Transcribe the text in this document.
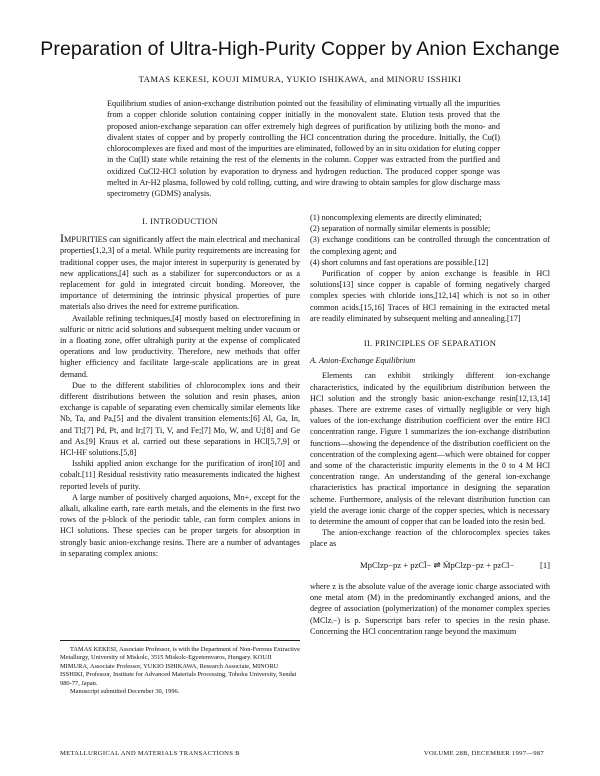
Preparation of Ultra-High-Purity Copper by Anion Exchange
TAMAS KEKESI, KOUJI MIMURA, YUKIO ISHIKAWA, and MINORU ISSHIKI
Equilibrium studies of anion-exchange distribution pointed out the feasibility of eliminating virtually all the impurities from a copper chloride solution containing copper initially in the monovalent state. Elution tests proved that the proposed anion-exchange separation can offer extremely high degrees of purification by utilizing both the mono- and divalent states of copper and by properly controlling the HCl concentration during the procedure. Initially, the Cu(I) chlorocomplexes are fixed and most of the impurities are eliminated, followed by an in situ oxidation for eluting copper in the Cu(II) state while retaining the rest of the elements in the column. Copper was extracted from the purified and oxidized CuCl2-HCl solution by evaporation to dryness and hydrogen reduction. The produced copper sponge was melted in Ar-H2 plasma, followed by cold rolling, cutting, and wire drawing to obtain samples for glow discharge mass spectrometry (GDMS) analysis.
I. INTRODUCTION

IMPURITIES can significantly affect the main electrical and mechanical properties[1,2,3] of a metal. While purity requirements are increasing for traditional copper uses, the major interest in superpurity is generated by new applications,[4] such as a stabilizer for superconductors or as a replacement for gold in integrated circuit bonding. Moreover, the importance of determining the intrinsic physical properties of pure materials also drives the need for extreme purification.

Available refining techniques,[4] mostly based on electrorefining in sulfuric or nitric acid solutions and subsequent melting under vacuum or in a floating zone, offer ultrahigh purity at the expense of complicated operations and low productivity. Therefore, new methods that offer higher efficiency and facilitate large-scale applications are in great demand.

Due to the different stabilities of chlorocomplex ions and their different distributions between the solution and resin phases, anion exchange is capable of separating even chemically similar elements like Nb, Ta, and Pa,[5] and the divalent transition elements:[6] Al, Ga, In, and Tl;[7] Pd, Pt, and Ir;[7] Ti, V, and Fe;[7] Mo, W, and U;[8] and Ge and As.[9] Kraus et al. carried out these separations in HCl[5,7,9] or HCl-HF solutions.[5,8]

Isshiki applied anion exchange for the purification of iron[10] and cobalt.[11] Residual resistivity ratio measurements indicated the highest reported levels of purity.

A large number of positively charged aquoions, Mn+, except for the alkali, alkaline earth, rare earth metals, and the elements in the first two rows of the p-block of the periodic table, can form complex anions in HCl solutions. These species can be proper targets for absorption in strongly basic anion-exchange resins. There are a number of advantages in separating complex anions:

(1) noncomplexing elements are directly eliminated;

(2) separation of normally similar elements is possible;

(3) exchange conditions can be controlled through the concentration of the complexing agent; and

(4) short columns and fast operations are possible.[12]

Purification of copper by anion exchange is feasible in HCl solutions[13] since copper is capable of forming negatively charged complex species with chloride ions,[12,14] which is not so in other common acids.[15,16] Traces of HCl remaining in the extracted metal are readily eliminated by subsequent melting and annealing.[17]

II. PRINCIPLES OF SEPARATION
A. Anion-Exchange Equilibrium

Elements can exhibit strikingly different ion-exchange characteristics, indicated by the equilibrium distribution between the HCl solution and the strongly basic anion-exchange resin[12,13,14] phases. There are extreme cases of virtually negligible or very high values of the ion-exchange distribution coefficient over the entire HCl concentration range. Figure 1 summarizes the ion-exchange distribution functions—showing the dependence of the distribution coefficient on the concentration of the complexing agent—which were obtained for copper and some of the characteristic impurity elements in the 0 to 4 M HCl concentration range. An understanding of the general ion-exchange characteristics has practical importance in designing the separation scheme. Furthermore, analysis of the relevant distribution function can yield the average ionic charge of the copper species, which is necessary to determine the amount of copper that can be loaded into the resin bed.

The anion-exchange reaction of the chlorocomplex species takes place as

MpClzp−pz + pzCl̄− ⇌ M̄pClzp−pz + pzCl−	[1]

where z is the absolute value of the average ionic charge associated with one metal atom (M) in the predominantly exchanged anions, and the degree of association (polymerization) of the monomer complex species (MClzᵢ−) is p. Superscript bars refer to species in the resin phase. Concerning the HCl concentration range beyond the maximum

TAMAS KEKESI, Associate Professor, is with the Department of Non-Ferrous Extractive Metallurgy, University of Miskolc, 3515 Miskolc-Egyetemvaros, Hungary. KOUJI MIMURA, Associate Professor, YUKIO ISHIKAWA, Research Associate, MINORU ISSHIKI, Professor, Institute for Advanced Materials Processing, Tohoku University, Sendai 980-77, Japan.

Manuscript submitted December 30, 1996.

METALLURGICAL AND MATERIALS TRANSACTIONS B	VOLUME 28B, DECEMBER 1997—987
